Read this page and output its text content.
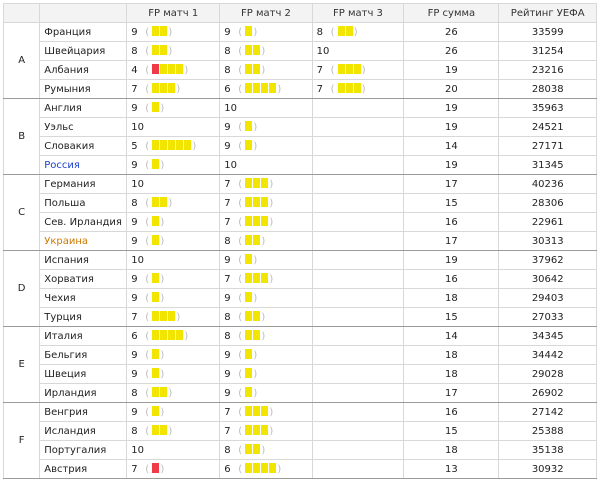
		FP матч 1	FP матч 2	FP матч 3	FP сумма	Рейтинг УЕФА
A	Франция	9 ( )	9 ( )	8 ( )	26	33599
	Швейцария	8 ( )	8 ( )	10	26	31254
	Албания	4 ( )	8 ( )	7 ( )	19	23216
	Румыния	7 ( )	6 ( )	7 ( )	20	28038
B	Англия	9 ( )	10		19	35963
	Уэльс	10	9 ( )		19	24521
	Словакия	5 ( )	9 ( )		14	27171
	Россия	9 ( )	10		19	31345
C	Германия	10	7 ( )		17	40236
	Польша	8 ( )	7 ( )		15	28306
	Сев. Ирландия	9 ( )	7 ( )		16	22961
	Украина	9 ( )	8 ( )		17	30313
D	Испания	10	9 ( )		19	37962
	Хорватия	9 ( )	7 ( )		16	30642
	Чехия	9 ( )	9 ( )		18	29403
	Турция	7 ( )	8 ( )		15	27033
E	Италия	6 ( )	8 ( )		14	34345
	Бельгия	9 ( )	9 ( )		18	34442
	Швеция	9 ( )	9 ( )		18	29028
	Ирландия	8 ( )	9 ( )		17	26902
F	Венгрия	9 ( )	7 ( )		16	27142
	Исландия	8 ( )	7 ( )		15	25388
	Португалия	10	8 ( )		18	35138
	Австрия	7 ( )	6 ( )		13	30932
